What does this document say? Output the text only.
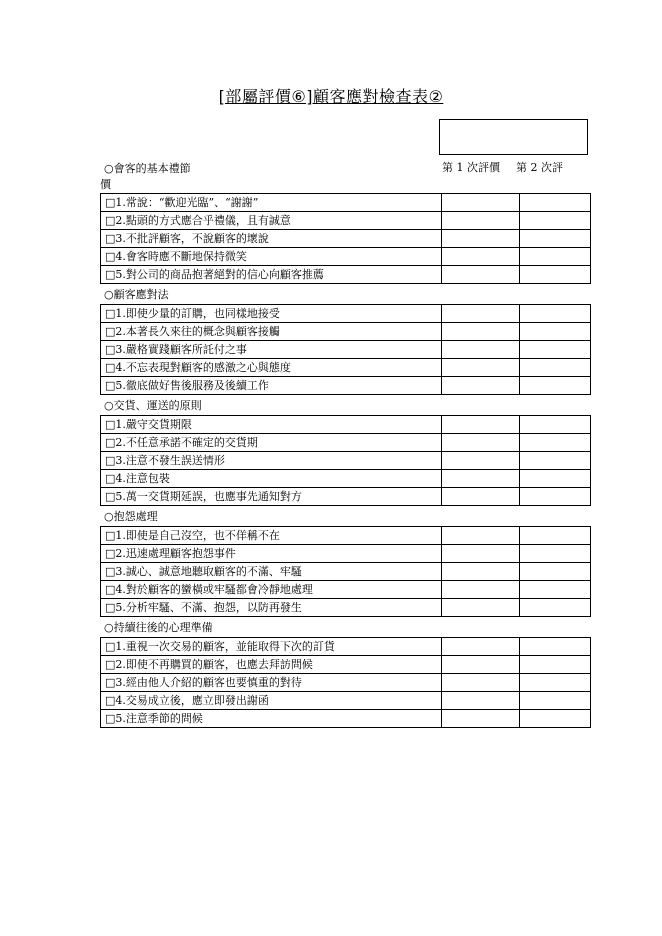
[部屬評價⑥]顧客應對檢查表②
第 1 次評價 第 2 次評
價
○會客的基本禮節
□1.常說：“歡迎光臨”、“謝謝”		
□2.點頭的方式應合乎禮儀，且有誠意		
□3.不批評顧客，不說顧客的壞說		
□4.會客時應不斷地保持微笑		
□5.對公司的商品抱著絕對的信心向顧客推薦		
○顧客應對法
□1.即使少量的訂購，也同樣地接受		
□2.本著長久來往的概念與顧客接觸		
□3.嚴格實踐顧客所託付之事		
□4.不忘表現對顧客的感激之心與態度		
□5.徹底做好售後服務及後續工作		
○交貨、運送的原則
□1.嚴守交貨期限		
□2.不任意承諾不確定的交貨期		
□3.注意不發生誤送情形		
□4.注意包裝		
□5.萬一交貨期延誤，也應事先通知對方		
○抱怨處理
□1.即使是自己沒空，也不佯稱不在		
□2.迅速處理顧客抱怨事件		
□3.誠心、誠意地聽取顧客的不滿、牢騷		
□4.對於顧客的蠻橫或牢騷都會冷靜地處理		
□5.分析牢騷、不滿、抱怨，以防再發生		
○持續往後的心理準備
□1.重視一次交易的顧客，並能取得下次的訂貨		
□2.即使不再購買的顧客，也應去拜訪問候		
□3.經由他人介紹的顧客也要慎重的對待		
□4.交易成立後，應立即發出謝函		
□5.注意季節的問候		
